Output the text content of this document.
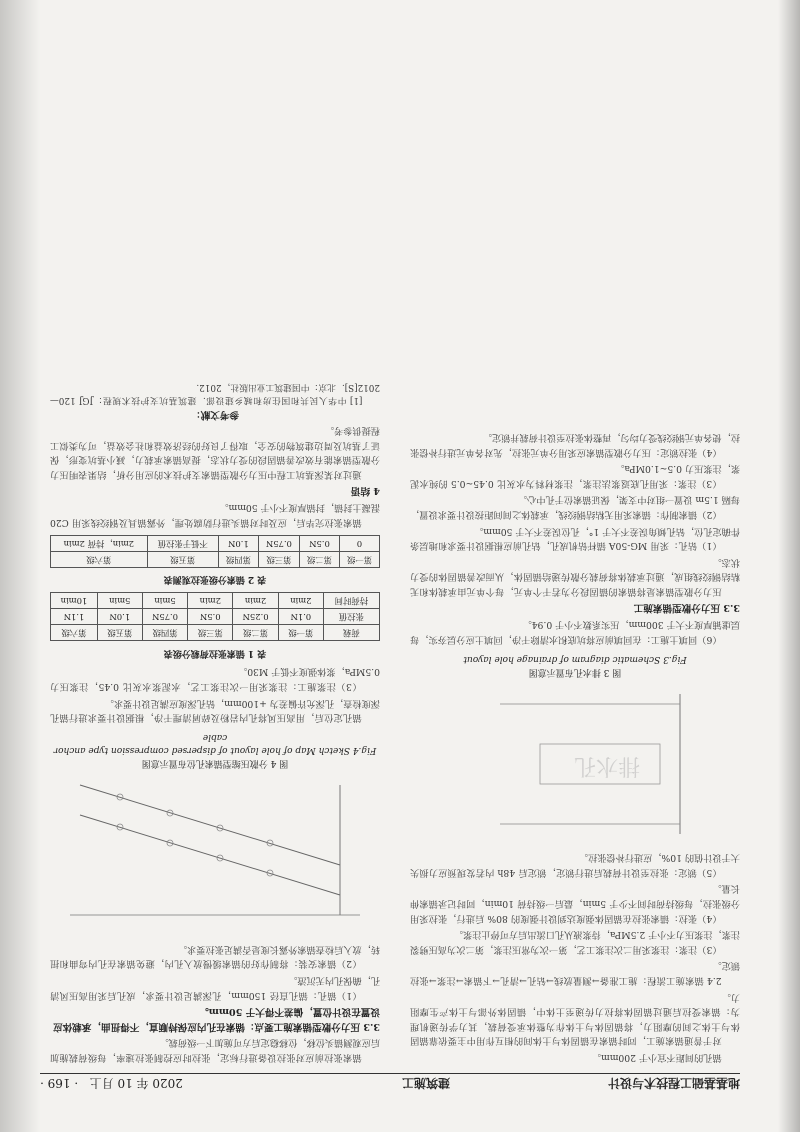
地基基础工程技术与设计
建筑施工
2020 年 10 月上   · 169 ·

锚孔的间距不宜小于 200mm。

对于普通锚索施工，同时锚索在锚固体与土体间的相互作用中主要依靠锚固体与土体之间的摩阻力，将锚固体与土体作为整体承受荷载，其力学传递机理为：锚索受拉后通过锚固体将拉力传递至土体中，锚固体外部与土体产生摩阻力。

2.4 锚索施工流程：施工准备→测量放线→钻孔→清孔→下锚索→注浆→张拉锁定。

（3）注浆：注浆采用二次注浆工艺，第一次为常压注浆，第二次为高压劈裂注浆，注浆压力不小于 2.5MPa，待浆液从孔口流出后方可停止注浆。

（4）张拉：锚索张拉在锚固体强度达到设计强度的 80% 后进行，张拉采用分级张拉，每级持荷时间不少于 5min，最后一级持荷 10min，同时记录锚索伸长量。

（5）锁定：张拉至设计荷载后进行锁定，锁定后 48h 内若发现预应力损失大于设计值的 10%，应进行补偿张拉。

排水孔
图 3 排水孔布置示意图
Fig.3 Schematic diagram of drainage hole layout

（6）回填土施工：在回填前应将坑底积水清除干净，回填土应分层夯实，每层虚铺厚度不大于 300mm，压实系数不小于 0.94。

3.3 压力分散型锚索施工

压力分散型锚索是将锚索的锚固段分为若干个单元，每个单元由承载体和无粘结钢绞线组成，通过承载体将荷载分散传递给锚固体，从而改善锚固体的受力状态。

（1）钻孔：采用 MG-50A 锚杆钻机成孔，钻孔前应根据设计要求和地层条件确定孔位，钻孔倾角误差不大于 1°，孔位误差不大于 50mm。

（2）锚索制作：锚索采用无粘结钢绞线，承载体之间间距按设计要求设置，每隔 1.5m 设置一组对中支架，保证锚索位于孔中心。

（3）注浆：采用孔底返浆法注浆，注浆材料为水灰比 0.45~0.5 的纯水泥浆，注浆压力 0.5~1.0MPa。

（4）张拉锁定：压力分散型锚索应采用分单元张拉，先对各单元进行补偿张拉，使各单元钢绞线受力均匀，再整体张拉至设计荷载并锁定。

锚索张拉前应对张拉设备进行标定，张拉时应控制张拉速率，每级荷载施加后应观测锚头位移，位移稳定后方可施加下一级荷载。

3.3 压力分散型锚索施工要点：锚索在孔内应保持顺直，不得扭曲，承载体应设置在设计位置，偏差不得大于 50mm。

（1）锚孔：锚孔直径 150mm，孔深满足设计要求，成孔后采用高压风清孔，确保孔内无沉渣。

（2）锚索安装：将制作好的锚索缓慢放入孔内，避免锚索在孔内弯曲和扭转，放入后检查锚索外露长度是否满足张拉要求。

图 4 分散压缩型锚索孔位布置示意图
Fig.4 Sketch Map of hole layout of dispersed compression type anchor cable

锚孔定位后，用高压风将孔内岩粉及碎屑清理干净，根据设计要求进行锚孔深度检查，孔深允许偏差为 +100mm，钻孔深度应满足设计要求。

（3）注浆施工：注浆采用一次注浆工艺，水泥浆水灰比 0.45，注浆压力 0.5MPa，浆体强度不低于 M30。

表 1 锚索张拉荷载分级表
荷载	第一级	第二级	第三级	第四级	第五级	第六级
张拉值	0.1N	0.25N	0.5N	0.75N	1.0N	1.1N
持荷时间	2min	2min	2min	5min	5min	10min
表 2 锚索分级张拉观测表
第一级	第二级	第三级	第四级	第五级	第六级
0	0.5N	0.75N	1.0N	不低于张拉值	2min，持荷 2min

锚索张拉完毕后，应及时对锚头进行防腐处理，外露锚具及钢绞线采用 C20 混凝土封锚，封锚厚度不小于 50mm。

4 结语

通过对某深基坑工程中压力分散型锚索支护技术的应用分析，结果表明压力分散型锚索能有效改善锚固段的受力状态，提高锚索承载力，减小基坑变形，保证了基坑及周边建筑物的安全，取得了良好的经济效益和社会效益，可为类似工程提供参考。

参考文献：

[1] 中华人民共和国住房和城乡建设部．建筑基坑支护技术规程：JGJ 120—2012[S]．北京：中国建筑工业出版社，2012．
